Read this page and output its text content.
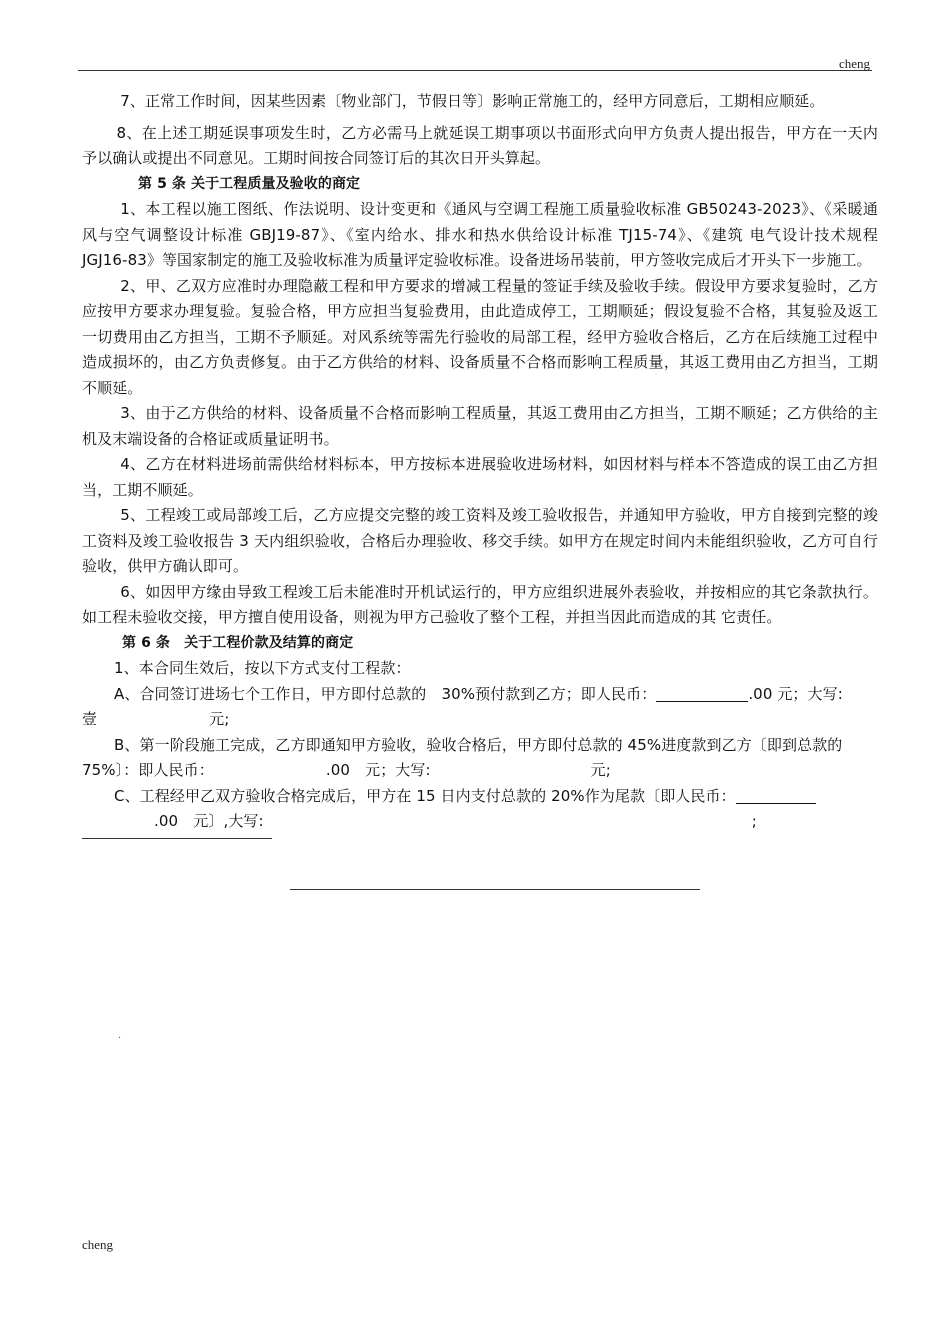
cheng

7、正常工作时间，因某些因素〔物业部门，节假日等〕影响正常施工的，经甲方同意后，工期相应顺延。

8、在上述工期延误事项发生时，乙方必需马上就延误工期事项以书面形式向甲方负责人提出报告，甲方在一天内予以确认或提出不同意见。工期时间按合同签订后的其次日开头算起。

第 5 条 关于工程质量及验收的商定

1、本工程以施工图纸、作法说明、设计变更和《通风与空调工程施工质量验收标准 GB50243-2023》、《采暖通风与空气调整设计标准 GBJ19-87》、《室内给水、排水和热水供给设计标准 TJ15-74》、《建筑 电气设计技术规程 JGJ16-83》等国家制定的施工及验收标准为质量评定验收标准。设备进场吊装前，甲方签收完成后才开头下一步施工。

2、甲、乙双方应准时办理隐蔽工程和甲方要求的增减工程量的签证手续及验收手续。假设甲方要求复验时，乙方应按甲方要求办理复验。复验合格，甲方应担当复验费用，由此造成停工，工期顺延；假设复验不合格，其复验及返工一切费用由乙方担当，工期不予顺延。对风系统等需先行验收的局部工程，经甲方验收合格后，乙方在后续施工过程中造成损坏的，由乙方负责修复。由于乙方供给的材料、设备质量不合格而影响工程质量，其返工费用由乙方担当，工期不顺延。

3、由于乙方供给的材料、设备质量不合格而影响工程质量，其返工费用由乙方担当，工期不顺延；乙方供给的主机及末端设备的合格证或质量证明书。

4、乙方在材料进场前需供给材料标本，甲方按标本进展验收进场材料，如因材料与样本不答造成的误工由乙方担当，工期不顺延。

5、工程竣工或局部竣工后，乙方应提交完整的竣工资料及竣工验收报告，并通知甲方验收，甲方自接到完整的竣工资料及竣工验收报告 3 天内组织验收，合格后办理验收、移交手续。如甲方在规定时间内未能组织验收，乙方可自行验收，供甲方确认即可。

6、如因甲方缘由导致工程竣工后未能准时开机试运行的，甲方应组织进展外表验收，并按相应的其它条款执行。如工程未验收交接，甲方擅自使用设备，则视为甲方己验收了整个工程，并担当因此而造成的其 它责任。

第 6 条　关于工程价款及结算的商定

1、本合同生效后，按以下方式支付工程款：

A、合同签订进场七个工作日，甲方即付总款的　30%预付款到乙方；即人民币：	.00 元；大写:

壹	元;

B、第一阶段施工完成，乙方即通知甲方验收，验收合格后，甲方即付总款的 45%进度款到乙方〔即到总款的 75%〕：即人民币：	.00　元；大写:	元;

C、工程经甲乙双方验收合格完成后，甲方在 15 日内支付总款的 20%作为尾款〔即人民币：
.00　元〕,大写:	;

.
cheng
